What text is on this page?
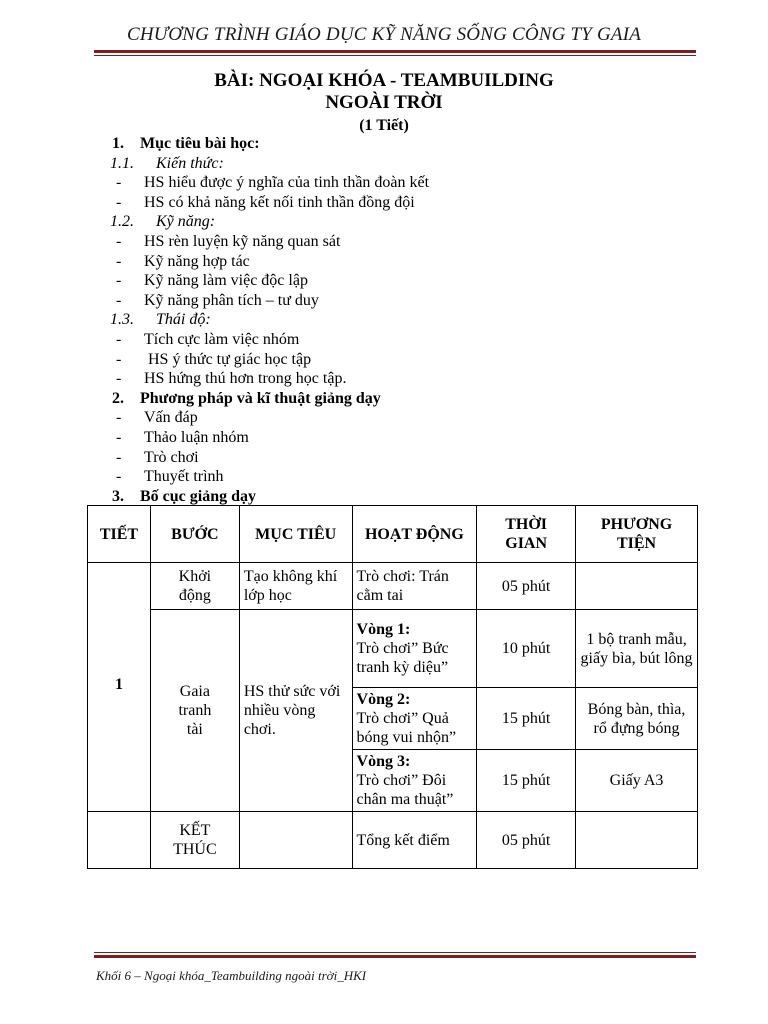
CHƯƠNG TRÌNH GIÁO DỤC KỸ NĂNG SỐNG CÔNG TY GAIA
BÀI: NGOẠI KHÓA - TEAMBUILDING
NGOÀI TRỜI
(1 Tiết)
1. Mục tiêu bài học:
1.1. Kiến thức:
- HS hiểu được ý nghĩa của tinh thần đoàn kết
- HS có khả năng kết nối tinh thần đồng đội
1.2. Kỹ năng:
- HS rèn luyện kỹ năng quan sát
- Kỹ năng hợp tác
- Kỹ năng làm việc độc lập
- Kỹ năng phân tích – tư duy
1.3. Thái độ:
- Tích cực làm việc nhóm
- HS ý thức tự giác học tập
- HS hứng thú hơn trong học tập.
2. Phương pháp và kĩ thuật giảng dạy
- Vấn đáp
- Thảo luận nhóm
- Trò chơi
- Thuyết trình
3. Bố cục giảng dạy
TIẾT	BƯỚC	MỤC TIÊU	HOẠT ĐỘNG	THỜI GIAN	PHƯƠNG TIỆN
1	Khởi động	Tạo không khí lớp học	Trò chơi: Trán cằm tai	05 phút	
	Gaia tranh tài	HS thử sức với nhiều vòng chơi.	Vòng 1:
Trò chơi” Bức tranh kỳ diệu”	10 phút	1 bộ tranh mẫu, giấy bìa, bút lông

			Vòng 2:
Trò chơi” Quả bóng vui nhộn”	15 phút	Bóng bàn, thìa, rổ đựng bóng

			Vòng 3:
Trò chơi” Đôi chân ma thuật”	15 phút	Giấy A3
	KẾT THÚC		Tổng kết điểm	05 phút	
Khối 6 – Ngoại khóa_Teambuilding ngoài trời_HKI
